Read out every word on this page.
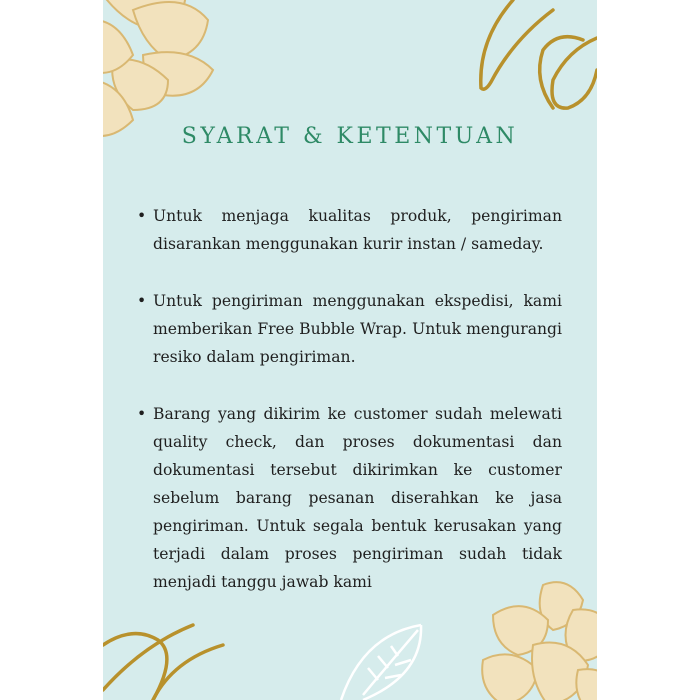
SYARAT & KETENTUAN
• Untuk menjaga kualitas produk, pengiriman disarankan menggunakan kurir instan / sameday.
• Untuk pengiriman menggunakan ekspedisi, kami memberikan Free Bubble Wrap. Untuk mengurangi resiko dalam pengiriman.
• Barang yang dikirim ke customer sudah melewati quality check, dan proses dokumentasi dan dokumentasi tersebut dikirimkan ke customer sebelum barang pesanan diserahkan ke jasa pengiriman. Untuk segala bentuk kerusakan yang terjadi dalam proses pengiriman sudah tidak menjadi tanggu jawab kami
